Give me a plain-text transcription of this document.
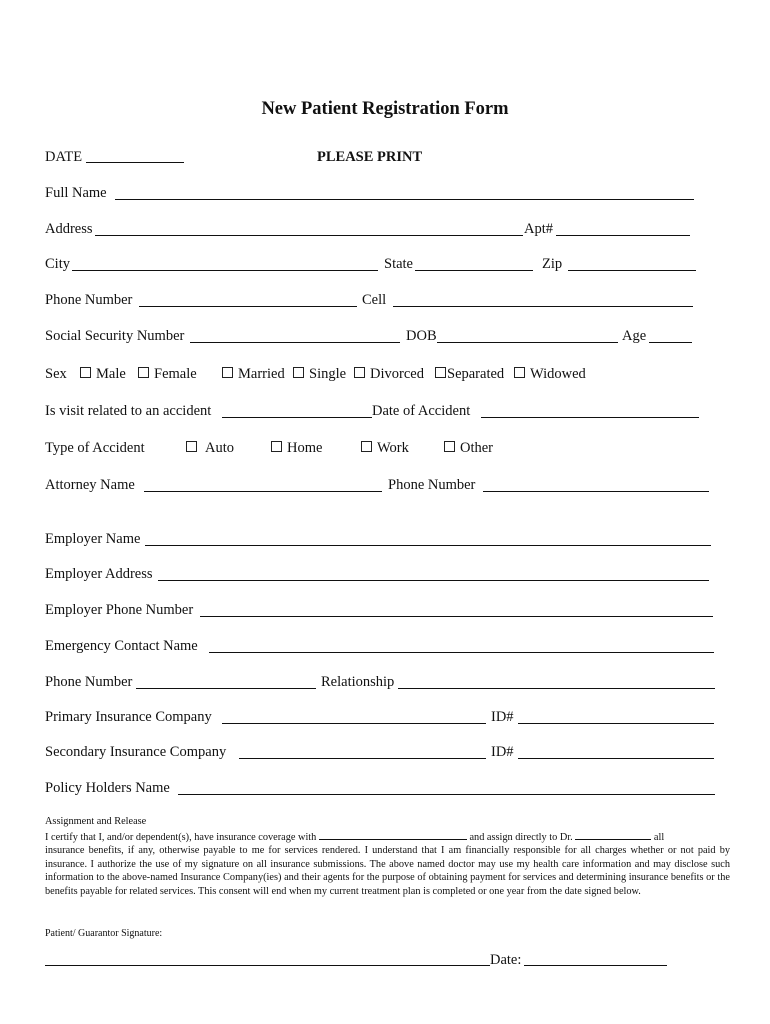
New Patient Registration Form
DATE	PLEASE PRINT
Full Name
Address	Apt#
City	State	Zip
Phone Number	Cell
Social Security Number	DOB	Age
Sex	Male	Female	Married	Single	Divorced	Separated	Widowed
Is visit related to an accident	Date of Accident
Type of Accident	Auto	Home	Work	Other
Attorney Name	Phone Number
Employer Name
Employer Address
Employer Phone Number
Emergency Contact Name
Phone Number	Relationship
Primary Insurance Company	ID#
Secondary Insurance Company	ID#
Policy Holders Name
Assignment and Release
I certify that I, and/or dependent(s), have insurance coverage with	and assign directly to Dr.	all
insurance benefits, if any, otherwise payable to me for services rendered. I understand that I am financially responsible for all charges whether or not paid by insurance. I authorize the use of my signature on all insurance submissions. The above named doctor may use my health care information and may disclose such information to the above-named Insurance Company(ies) and their agents for the purpose of obtaining payment for services and determining insurance benefits or the benefits payable for related services. This consent will end when my current treatment plan is completed or one year from the date signed below.
Patient/ Guarantor Signature:
Date:
